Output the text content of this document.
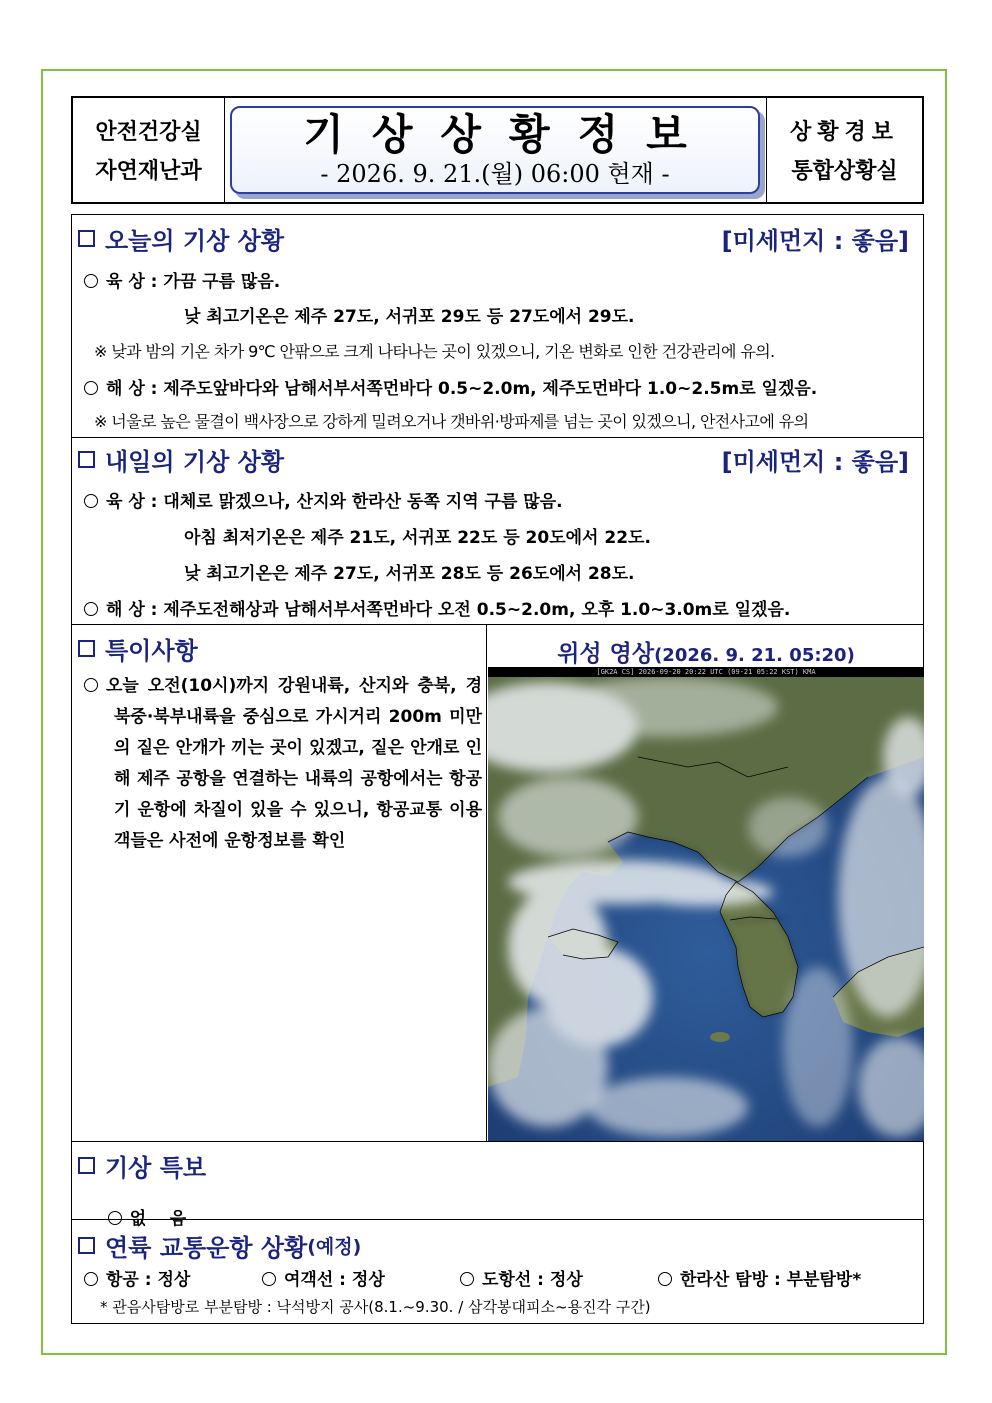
안전건강실
자연재난과
기상상황정보
- 2026. 9. 21.(월) 06:00 현재 -
상황경보
통합상황실
오늘의 기상 상황	[미세먼지 : 좋음]
육 상 : 가끔 구름 많음.
낮 최고기온은 제주 27도, 서귀포 29도 등 27도에서 29도.
※ 낮과 밤의 기온 차가 9℃ 안팎으로 크게 나타나는 곳이 있겠으니, 기온 변화로 인한 건강관리에 유의.
해 상 : 제주도앞바다와 남해서부서쪽먼바다 0.5~2.0m, 제주도먼바다 1.0~2.5m로 일겠음.
※ 너울로 높은 물결이 백사장으로 강하게 밀려오거나 갯바위·방파제를 넘는 곳이 있겠으니, 안전사고에 유의
내일의 기상 상황	[미세먼지 : 좋음]
육 상 : 대체로 맑겠으나, 산지와 한라산 동쪽 지역 구름 많음.
아침 최저기온은 제주 21도, 서귀포 22도 등 20도에서 22도.
낮 최고기온은 제주 27도, 서귀포 28도 등 26도에서 28도.
해 상 : 제주도전해상과 남해서부서쪽먼바다 오전 0.5~2.0m, 오후 1.0~3.0m로 일겠음.
특이사항
오늘 오전(10시)까지 강원내륙, 산지와 충북, 경북중·북부내륙을 중심으로 가시거리 200m 미만의 짙은 안개가 끼는 곳이 있겠고, 짙은 안개로 인해 제주 공항을 연결하는 내륙의 공항에서는 항공기 운항에 차질이 있을 수 있으니, 항공교통 이용객들은 사전에 운항정보를 확인
위성 영상(2026. 9. 21. 05:20)
[GK2A CS] 2026-09-20 20:22 UTC (09-21 05:22 KST) KMA
기상 특보

없    음

연륙 교통운항 상황 (예정)
항공 : 정상	여객선 : 정상	도항선 : 정상	한라산 탐방 : 부분탐방*
* 관음사탐방로 부분탐방 : 낙석방지 공사(8.1.~9.30. / 삼각봉대피소~용진각 구간)
